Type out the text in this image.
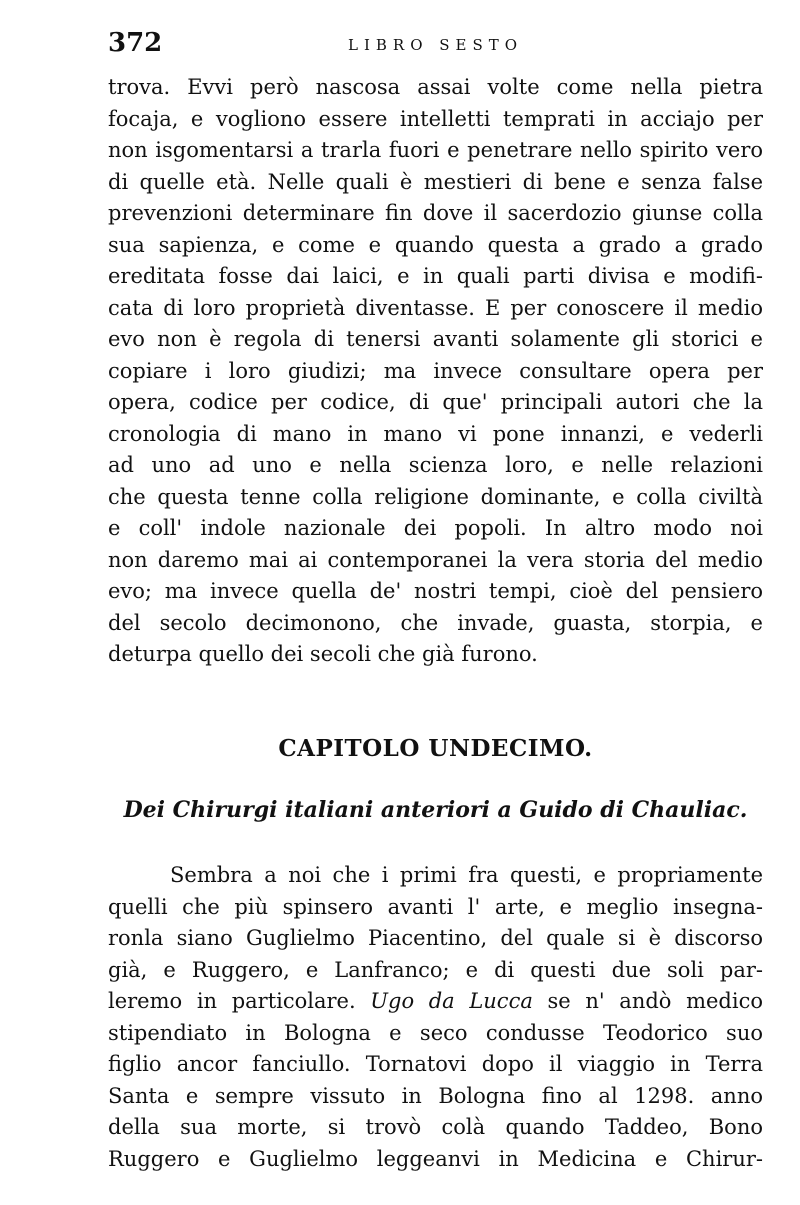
372	LIBRO SESTO
trova. Evvi però nascosa assai volte come nella pietra
focaja, e vogliono essere intelletti temprati in acciajo per
non isgomentarsi a trarla fuori e penetrare nello spirito vero
di quelle età. Nelle quali è mestieri di bene e senza false
prevenzioni determinare fin dove il sacerdozio giunse colla
sua sapienza, e come e quando questa a grado a grado
ereditata fosse dai laici, e in quali parti divisa e modifi-
cata di loro proprietà diventasse. E per conoscere il medio
evo non è regola di tenersi avanti solamente gli storici e
copiare i loro giudizi; ma invece consultare opera per
opera, codice per codice, di que' principali autori che la
cronologia di mano in mano vi pone innanzi, e vederli
ad uno ad uno e nella scienza loro, e nelle relazioni
che questa tenne colla religione dominante, e colla civiltà
e coll' indole nazionale dei popoli. In altro modo noi
non daremo mai ai contemporanei la vera storia del medio
evo; ma invece quella de' nostri tempi, cioè del pensiero
del secolo decimonono, che invade, guasta, storpia, e
deturpa quello dei secoli che già furono.
CAPITOLO UNDECIMO.
Dei Chirurgi italiani anteriori a Guido di Chauliac.
Sembra a noi che i primi fra questi, e propriamente
quelli che più spinsero avanti l' arte, e meglio insegna-
ronla siano Guglielmo Piacentino, del quale si è discorso
già, e Ruggero, e Lanfranco; e di questi due soli par-
leremo in particolare. Ugo da Lucca se n' andò medico
stipendiato in Bologna e seco condusse Teodorico suo
figlio ancor fanciullo. Tornatovi dopo il viaggio in Terra
Santa e sempre vissuto in Bologna fino al 1298. anno
della sua morte, si trovò colà quando Taddeo, Bono
Ruggero e Guglielmo leggeanvi in Medicina e Chirur-
